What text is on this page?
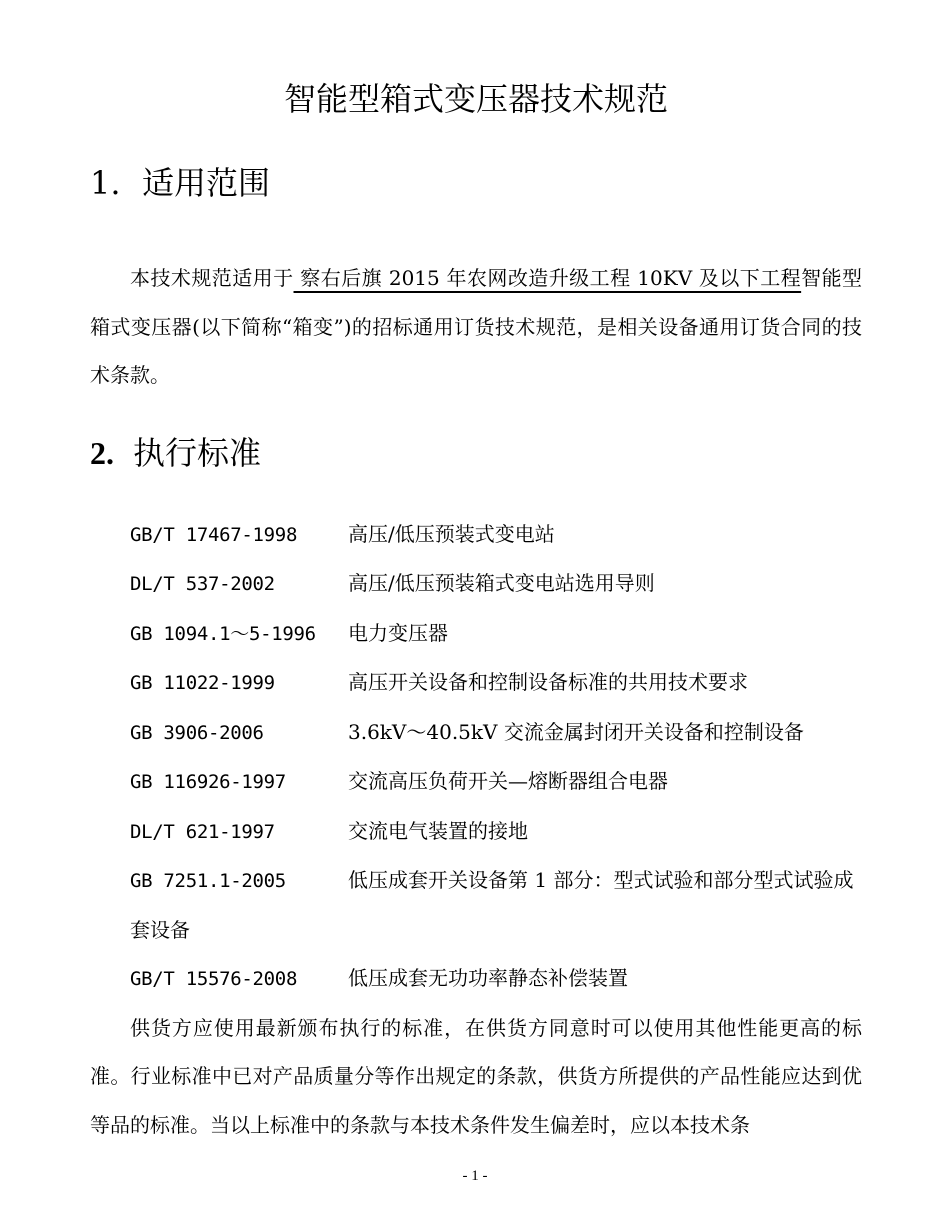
智能型箱式变压器技术规范
1. 适用范围

本技术规范适用于 察右后旗 2015 年农网改造升级工程 10KV 及以下工程智能型箱式变压器(以下简称“箱变”)的招标通用订货技术规范，是相关设备通用订货合同的技术条款。

2. 执行标准
GB/T 17467-1998	高压/低压预装式变电站
DL/T 537-2002	高压/低压预装箱式变电站选用导则
GB 1094.1～5-1996 电力变压器
GB 11022-1999	高压开关设备和控制设备标准的共用技术要求
GB 3906-2006	3.6kV～40.5kV 交流金属封闭开关设备和控制设备
GB 116926-1997	交流高压负荷开关—熔断器组合电器
DL/T 621-1997	交流电气装置的接地
GB 7251.1-2005	低压成套开关设备第 1 部分：型式试验和部分型式试验成套设备
GB/T 15576-2008	低压成套无功功率静态补偿装置

供货方应使用最新颁布执行的标准，在供货方同意时可以使用其他性能更高的标准。行业标准中已对产品质量分等作出规定的条款，供货方所提供的产品性能应达到优等品的标准。当以上标准中的条款与本技术条件发生偏差时，应以本技术条

- 1 -
